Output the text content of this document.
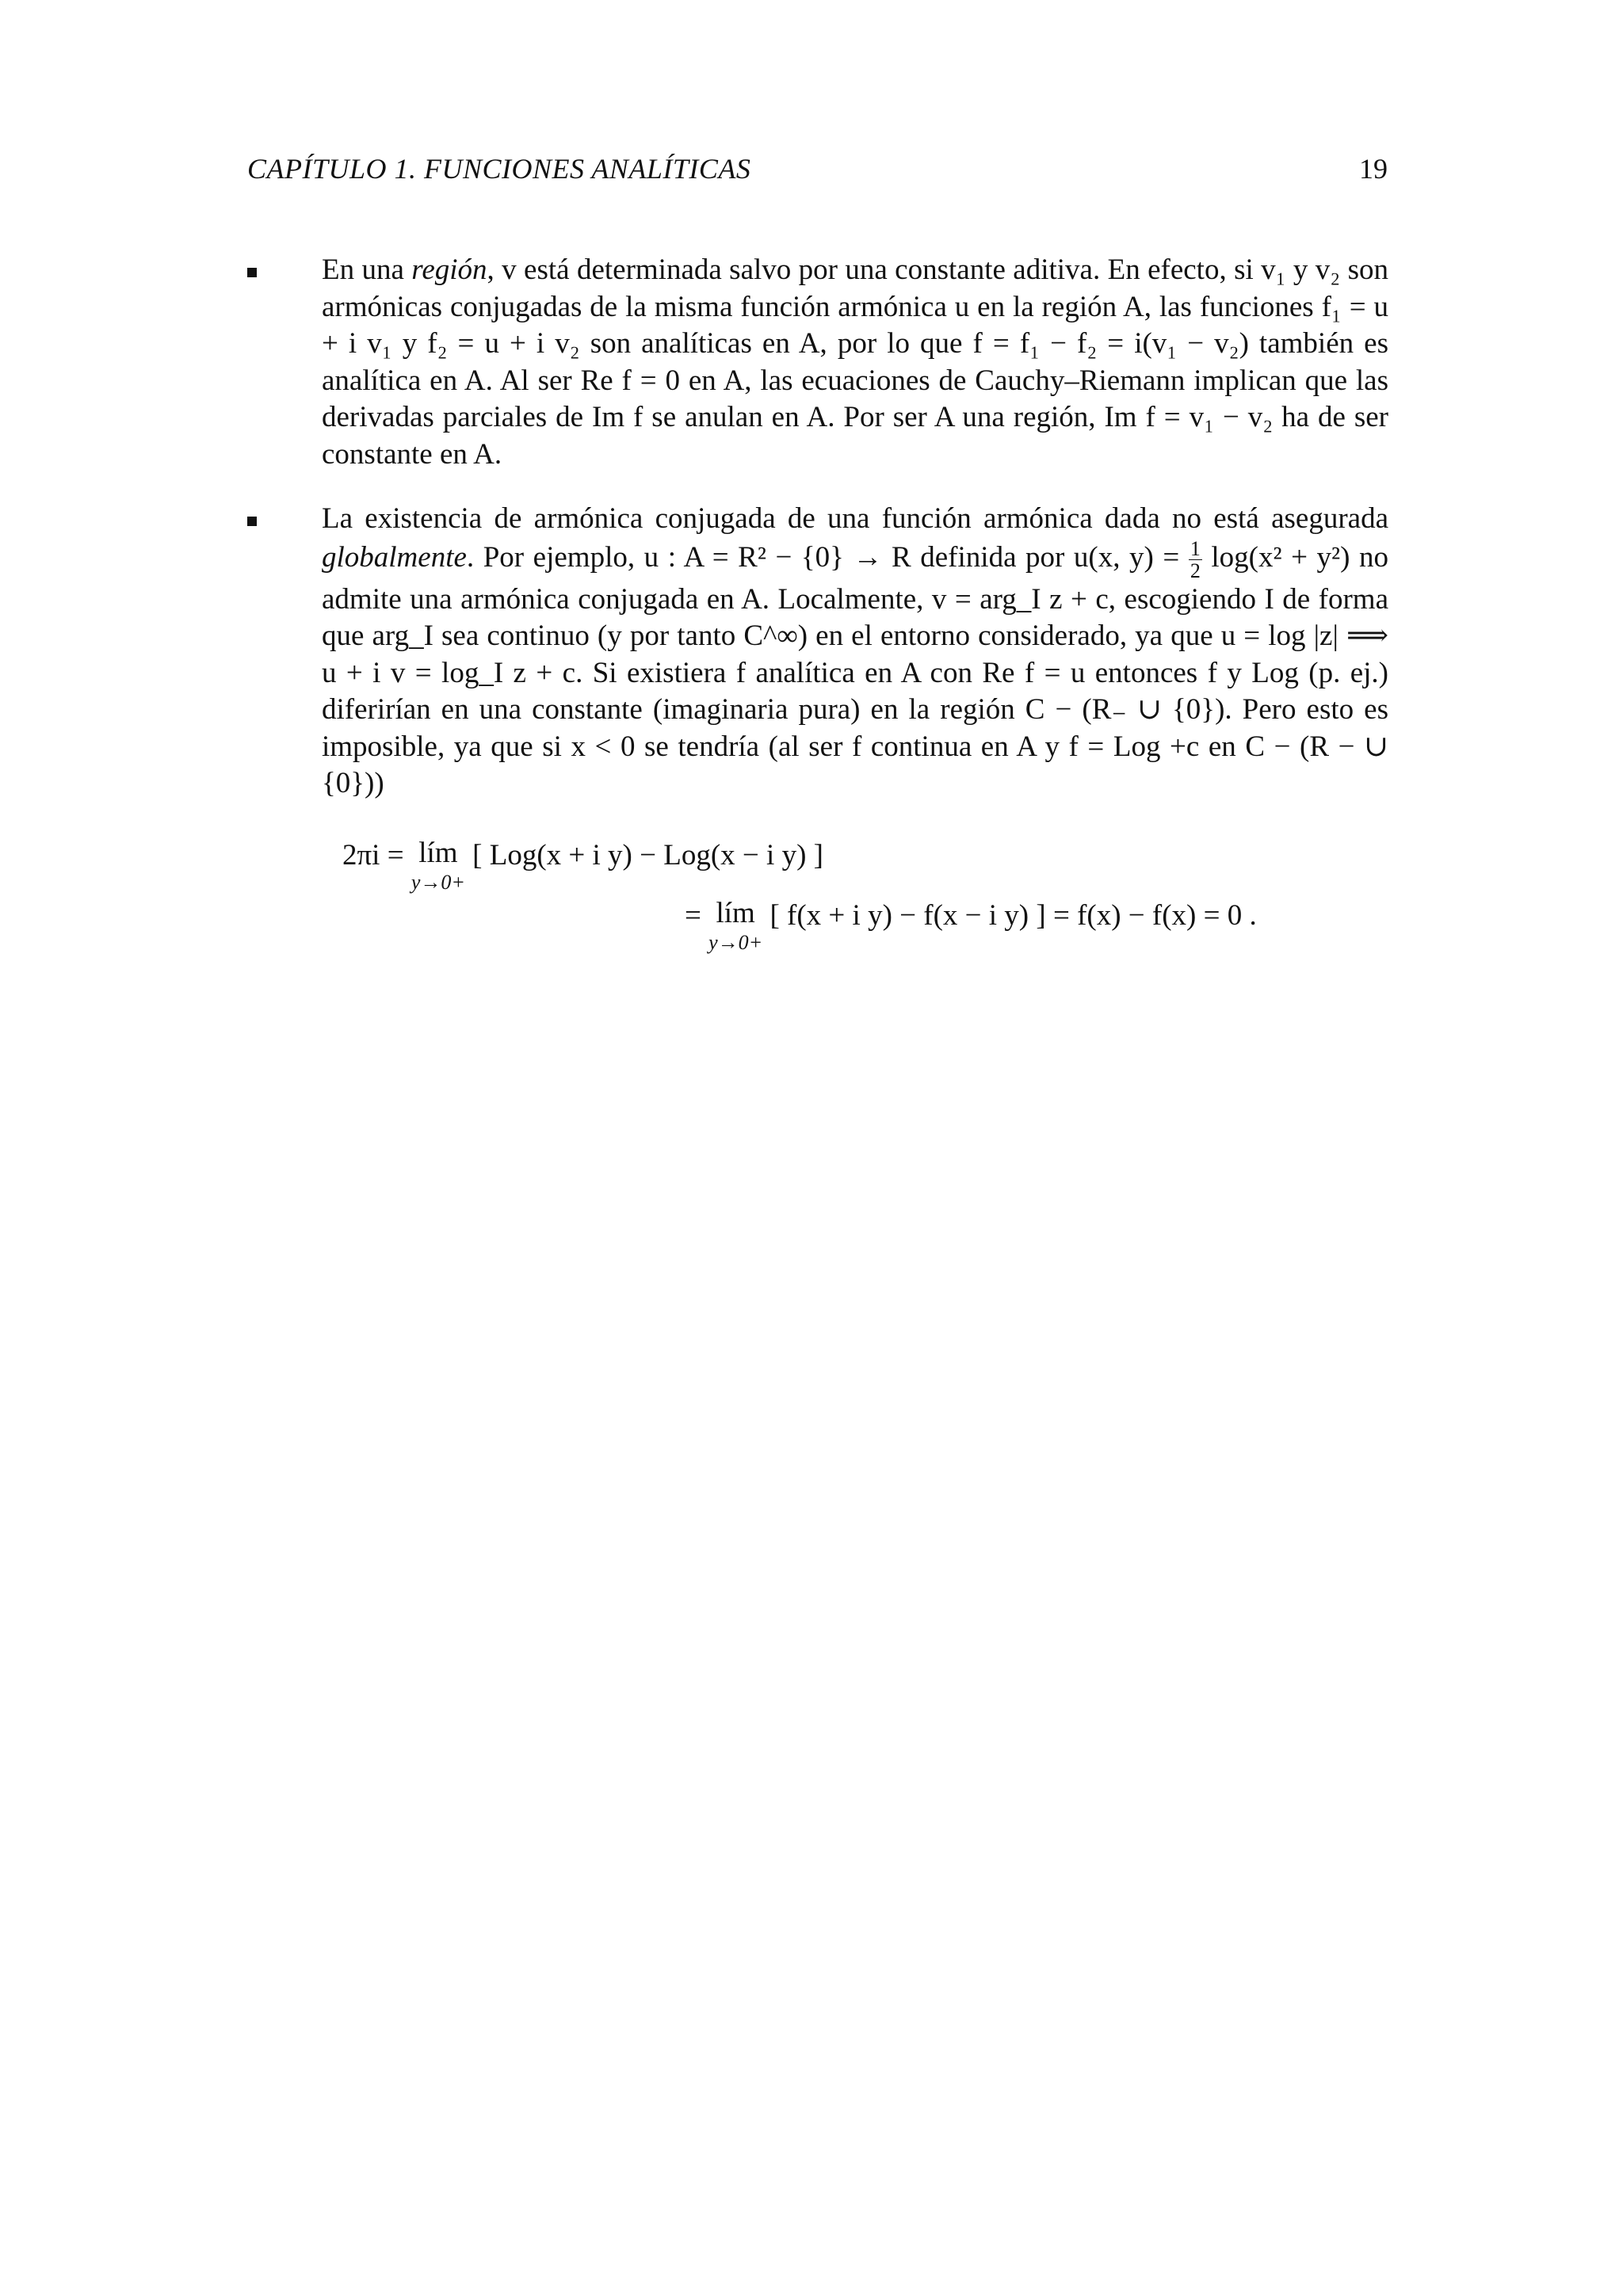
CAPÍTULO 1. FUNCIONES ANALÍTICAS	19
En una región, v está determinada salvo por una constante aditiva. En efecto, si v₁ y v₂ son armónicas conjugadas de la misma función armónica u en la región A, las funciones f₁ = u + i v₁ y f₂ = u + i v₂ son analíticas en A, por lo que f = f₁ − f₂ = i(v₁ − v₂) también es analítica en A. Al ser Re f = 0 en A, las ecuaciones de Cauchy–Riemann implican que las derivadas parciales de Im f se anulan en A. Por ser A una región, Im f = v₁ − v₂ ha de ser constante en A.
La existencia de armónica conjugada de una función armónica dada no está asegurada globalmente. Por ejemplo, u : A = R² − {0} → R definida por u(x, $y) = \frac{1}{2} \log(x^2 + y^2)$ no admite una armónica conjugada en A. Localmente, v = arg_I z + c, escogiendo I de forma que arg_I sea continuo (y por tanto C^∞) en el entorno considerado, ya que u = log |z| ⟹ u + i v = log_I z + c. Si existiera f analítica en A con Re f = u entonces f y Log (p. ej.) diferirían en una constante (imaginaria pura) en la región C − (R₋ ∪ {0}). Pero esto es imposible, ya que si x < 0 se tendría (al ser f continua en A y f = Log +c en C − (R − ∪ {0}))
2πi = lím
y→0+
[ Log(x + i y) − Log(x − i y) ]
= lím
y→0+
[ f(x + i y) − f(x − i y) ] = f(x) − f(x) = 0 .
